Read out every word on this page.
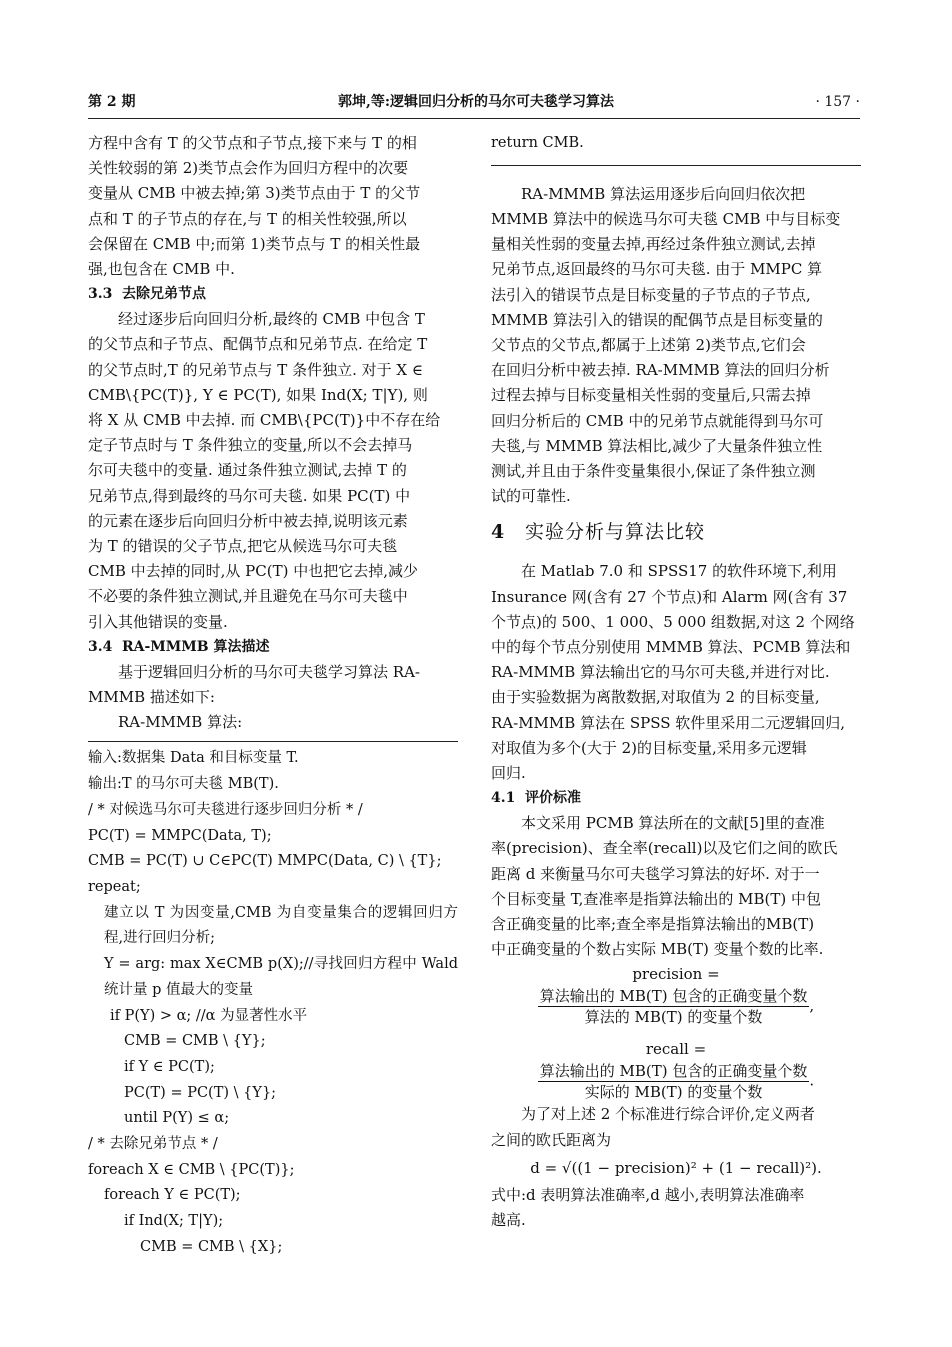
郭坤,等:逻辑回归分析的马尔可夫毯学习算法
第 2 期	· 157 ·

方程中含有 T 的父节点和子节点,接下来与 T 的相

关性较弱的第 2)类节点会作为回归方程中的次要

变量从 CMB 中被去掉;第 3)类节点由于 T 的父节

点和 T 的子节点的存在,与 T 的相关性较强,所以

会保留在 CMB 中;而第 1)类节点与 T 的相关性最

强,也包含在 CMB 中.

3.3 去除兄弟节点

经过逐步后向回归分析,最终的 CMB 中包含 T

的父节点和子节点、配偶节点和兄弟节点. 在给定 T

的父节点时,T 的兄弟节点与 T 条件独立. 对于 X ∈

CMB\{PC(T)}, Y ∈ PC(T), 如果 Ind(X; T|Y), 则

将 X 从 CMB 中去掉. 而 CMB\{PC(T)}中不存在给

定子节点时与 T 条件独立的变量,所以不会去掉马

尔可夫毯中的变量. 通过条件独立测试,去掉 T 的

兄弟节点,得到最终的马尔可夫毯. 如果 PC(T) 中

的元素在逐步后向回归分析中被去掉,说明该元素

为 T 的错误的父子节点,把它从候选马尔可夫毯

CMB 中去掉的同时,从 PC(T) 中也把它去掉,减少

不必要的条件独立测试,并且避免在马尔可夫毯中

引入其他错误的变量.

3.4 RA-MMMB 算法描述

基于逻辑回归分析的马尔可夫毯学习算法 RA-

MMMB 描述如下:

RA-MMMB 算法:

输入:数据集 Data 和目标变量 T.

输出:T 的马尔可夫毯 MB(T).

/ * 对候选马尔可夫毯进行逐步回归分析 * /

PC(T) = MMPC(Data, T);

CMB = PC(T) ∪ C∈PC(T) MMPC(Data, C) \ {T};

repeat;

建立以 T 为因变量,CMB 为自变量集合的逻辑回归方程,进行回归分析;

Y = arg: max X∈CMB p(X);//寻找回归方程中 Wald 统计量 p 值最大的变量

if P(Y) > α; //α 为显著性水平

CMB = CMB \ {Y};

if Y ∈ PC(T);

PC(T) = PC(T) \ {Y};

until P(Y) ≤ α;

/ * 去除兄弟节点 * /

foreach X ∈ CMB \ {PC(T)};

foreach Y ∈ PC(T);

if Ind(X; T|Y);

CMB = CMB \ {X};

return CMB.

RA-MMMB 算法运用逐步后向回归依次把

MMMB 算法中的候选马尔可夫毯 CMB 中与目标变

量相关性弱的变量去掉,再经过条件独立测试,去掉

兄弟节点,返回最终的马尔可夫毯. 由于 MMPC 算

法引入的错误节点是目标变量的子节点的子节点,

MMMB 算法引入的错误的配偶节点是目标变量的

父节点的父节点,都属于上述第 2)类节点,它们会

在回归分析中被去掉. RA-MMMB 算法的回归分析

过程去掉与目标变量相关性弱的变量后,只需去掉

回归分析后的 CMB 中的兄弟节点就能得到马尔可

夫毯,与 MMMB 算法相比,减少了大量条件独立性

测试,并且由于条件变量集很小,保证了条件独立测

试的可靠性.

4 实验分析与算法比较

在 Matlab 7.0 和 SPSS17 的软件环境下,利用

Insurance 网(含有 27 个节点)和 Alarm 网(含有 37

个节点)的 500、1 000、5 000 组数据,对这 2 个网络

中的每个节点分别使用 MMMB 算法、PCMB 算法和

RA-MMMB 算法输出它的马尔可夫毯,并进行对比.

由于实验数据为离散数据,对取值为 2 的目标变量,

RA-MMMB 算法在 SPSS 软件里采用二元逻辑回归,

对取值为多个(大于 2)的目标变量,采用多元逻辑

回归.

4.1 评价标准

本文采用 PCMB 算法所在的文献[5]里的查准

率(precision)、查全率(recall)以及它们之间的欧氏

距离 d 来衡量马尔可夫毯学习算法的好坏. 对于一

个目标变量 T,查准率是指算法输出的 MB(T) 中包

含正确变量的比率;查全率是指算法输出的MB(T)

中正确变量的个数占实际 MB(T) 变量个数的比率.

precision =

$\frac{\text{算法输出的 MB(T) 包含的正确变量个数}}{\text{算法的 MB(T) 的变量个数}}$ ,

recall =

$\frac{\text{算法输出的 MB(T) 包含的正确变量个数}}{\text{实际的 MB(T) 的变量个数}}$ .

为了对上述 2 个标准进行综合评价,定义两者

之间的欧氏距离为

d = √((1 − precision)² + (1 − recall)²).

式中:d 表明算法准确率,d 越小,表明算法准确率

越高.
